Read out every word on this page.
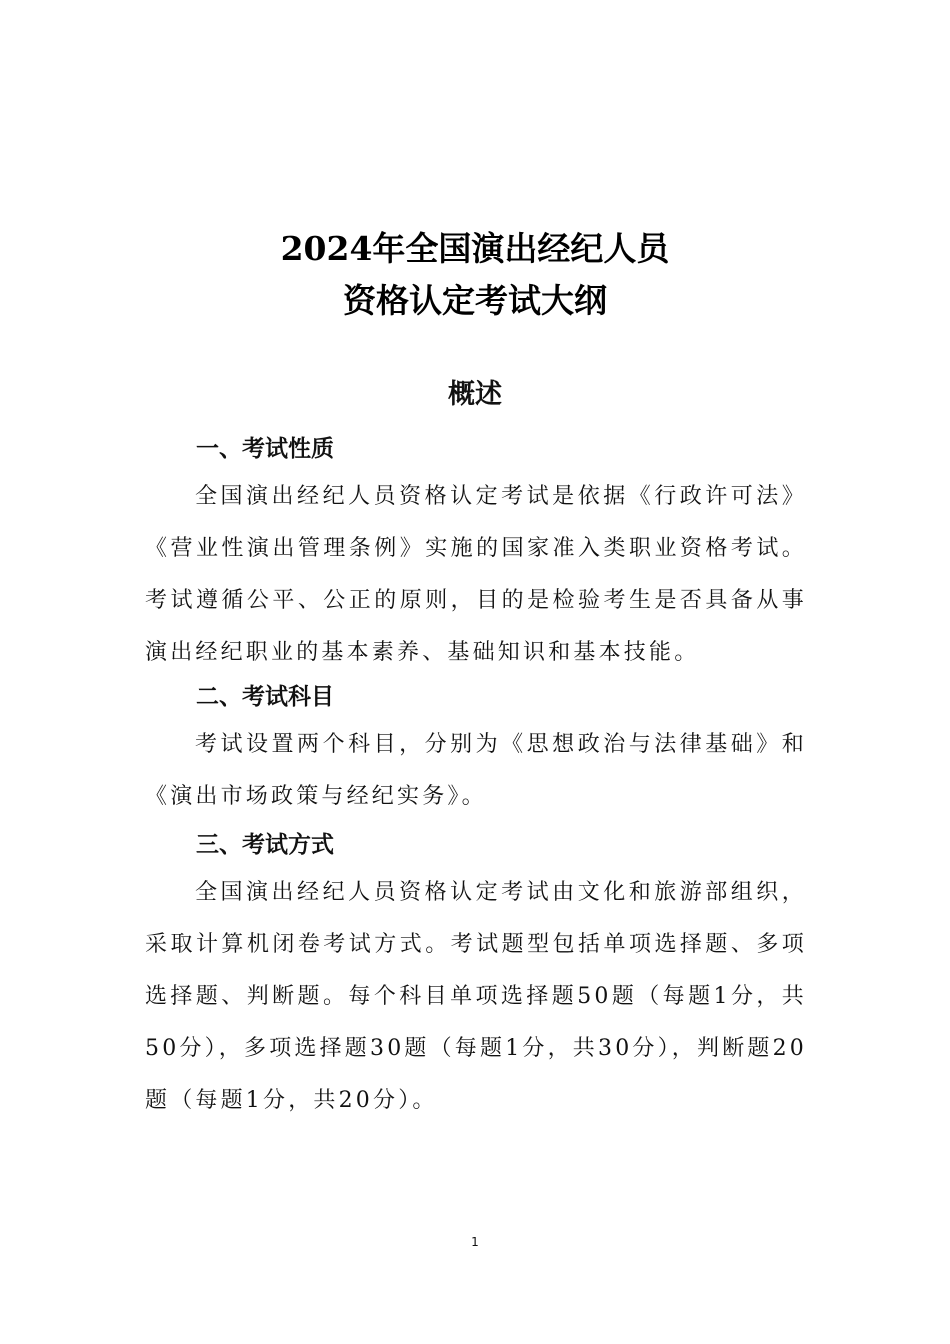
2024年全国演出经纪人员
资格认定考试大纲
概述
一、考试性质

全国演出经纪人员资格认定考试是依据《行政许可法》《营业性演出管理条例》实施的国家准入类职业资格考试。考试遵循公平、公正的原则，目的是检验考生是否具备从事演出经纪职业的基本素养、基础知识和基本技能。

二、考试科目

考试设置两个科目，分别为《思想政治与法律基础》和《演出市场政策与经纪实务》。

三、考试方式

全国演出经纪人员资格认定考试由文化和旅游部组织，采取计算机闭卷考试方式。考试题型包括单项选择题、多项选择题、判断题。每个科目单项选择题50题（每题1分，共50分），多项选择题30题（每题1分，共30分），判断题20题（每题1分，共20分）。

1
